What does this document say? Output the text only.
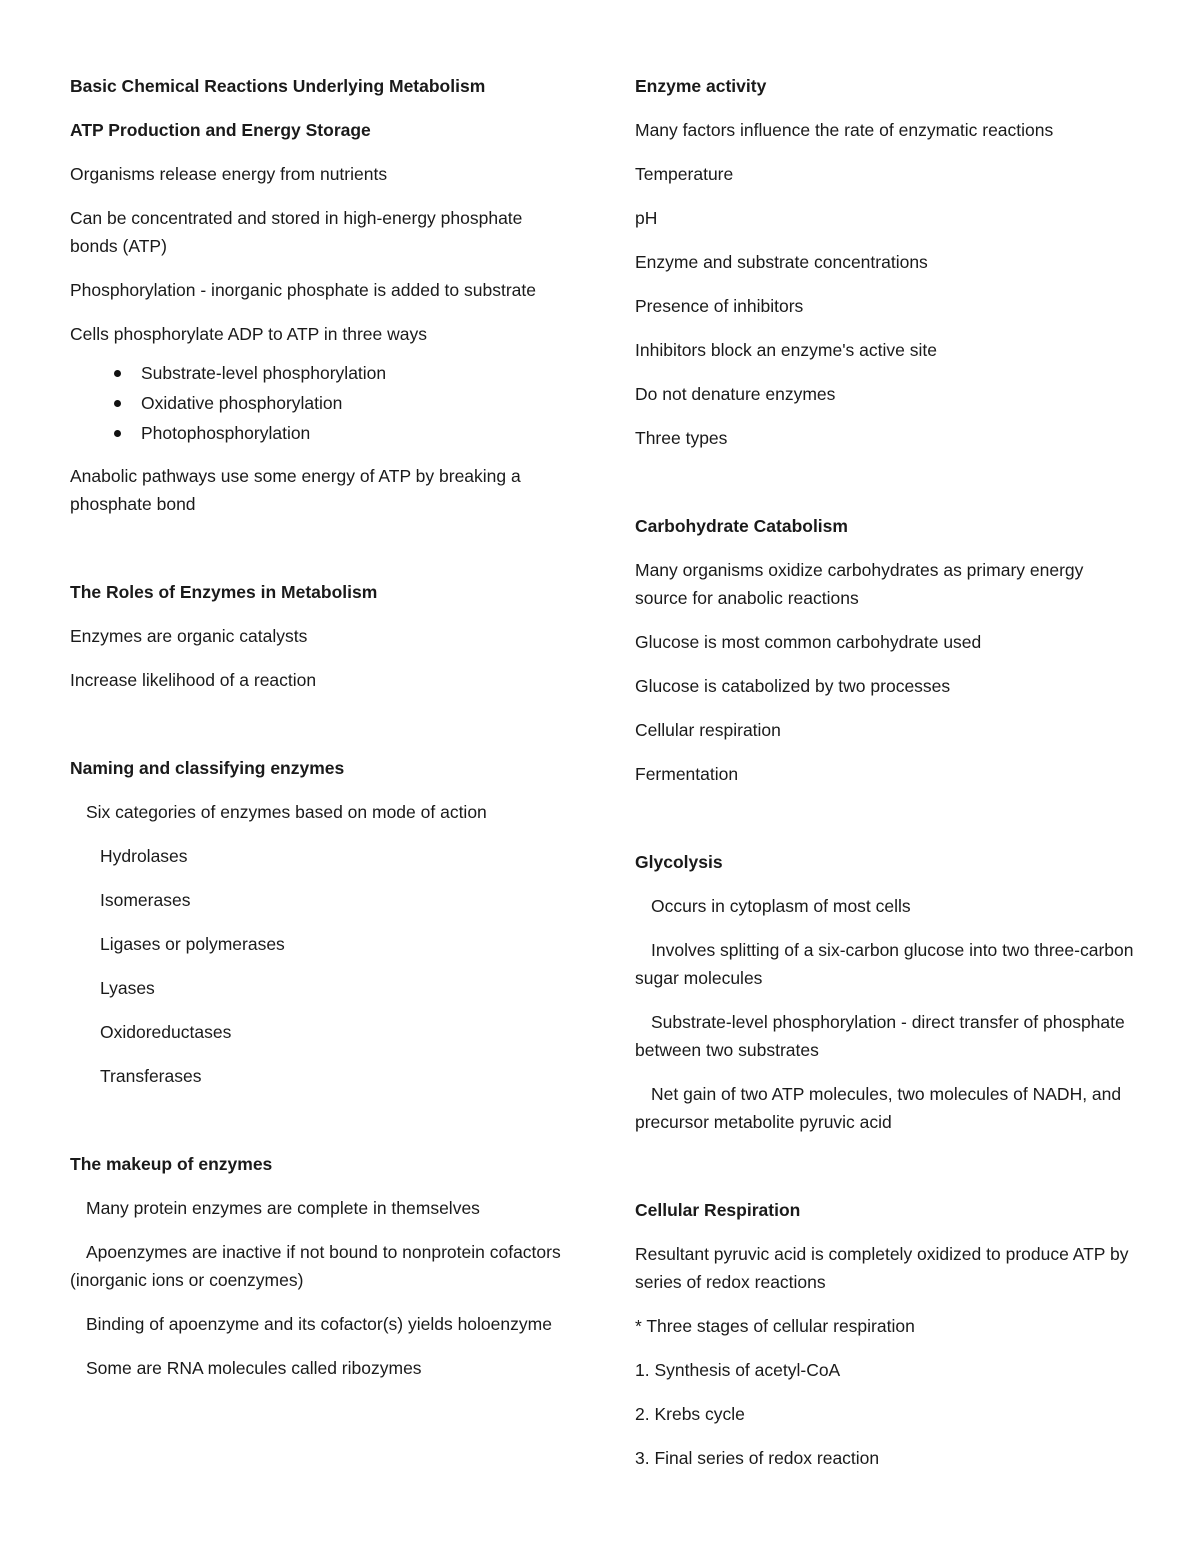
Basic Chemical Reactions Underlying Metabolism
ATP Production and Energy Storage
Organisms release energy from nutrients
Can be concentrated and stored in high-energy phosphate bonds (ATP)
Phosphorylation - inorganic phosphate is added to substrate
Cells phosphorylate ADP to ATP in three ways
Substrate-level phosphorylation
Oxidative phosphorylation
Photophosphorylation
Anabolic pathways use some energy of ATP by breaking a phosphate bond
The Roles of Enzymes in Metabolism
Enzymes are organic catalysts
Increase likelihood of a reaction
Naming and classifying enzymes
Six categories of enzymes based on mode of action
Hydrolases
Isomerases
Ligases or polymerases
Lyases
Oxidoreductases
Transferases
The makeup of enzymes
Many protein enzymes are complete in themselves
Apoenzymes are inactive if not bound to nonprotein cofactors (inorganic ions or coenzymes)
Binding of apoenzyme and its cofactor(s) yields holoenzyme
Some are RNA molecules called ribozymes
Enzyme activity
Many factors influence the rate of enzymatic reactions
Temperature
pH
Enzyme and substrate concentrations
Presence of inhibitors
Inhibitors block an enzyme's active site
Do not denature enzymes
Three types
Carbohydrate Catabolism
Many organisms oxidize carbohydrates as primary energy source for anabolic reactions
Glucose is most common carbohydrate used
Glucose is catabolized by two processes
Cellular respiration
Fermentation
Glycolysis
Occurs in cytoplasm of most cells
Involves splitting of a six-carbon glucose into two three-carbon sugar molecules
Substrate-level phosphorylation - direct transfer of phosphate between two substrates
Net gain of two ATP molecules, two molecules of NADH, and precursor metabolite pyruvic acid
Cellular Respiration
Resultant pyruvic acid is completely oxidized to produce ATP by series of redox reactions
* Three stages of cellular respiration
1. Synthesis of acetyl-CoA
2. Krebs cycle
3. Final series of redox reaction
